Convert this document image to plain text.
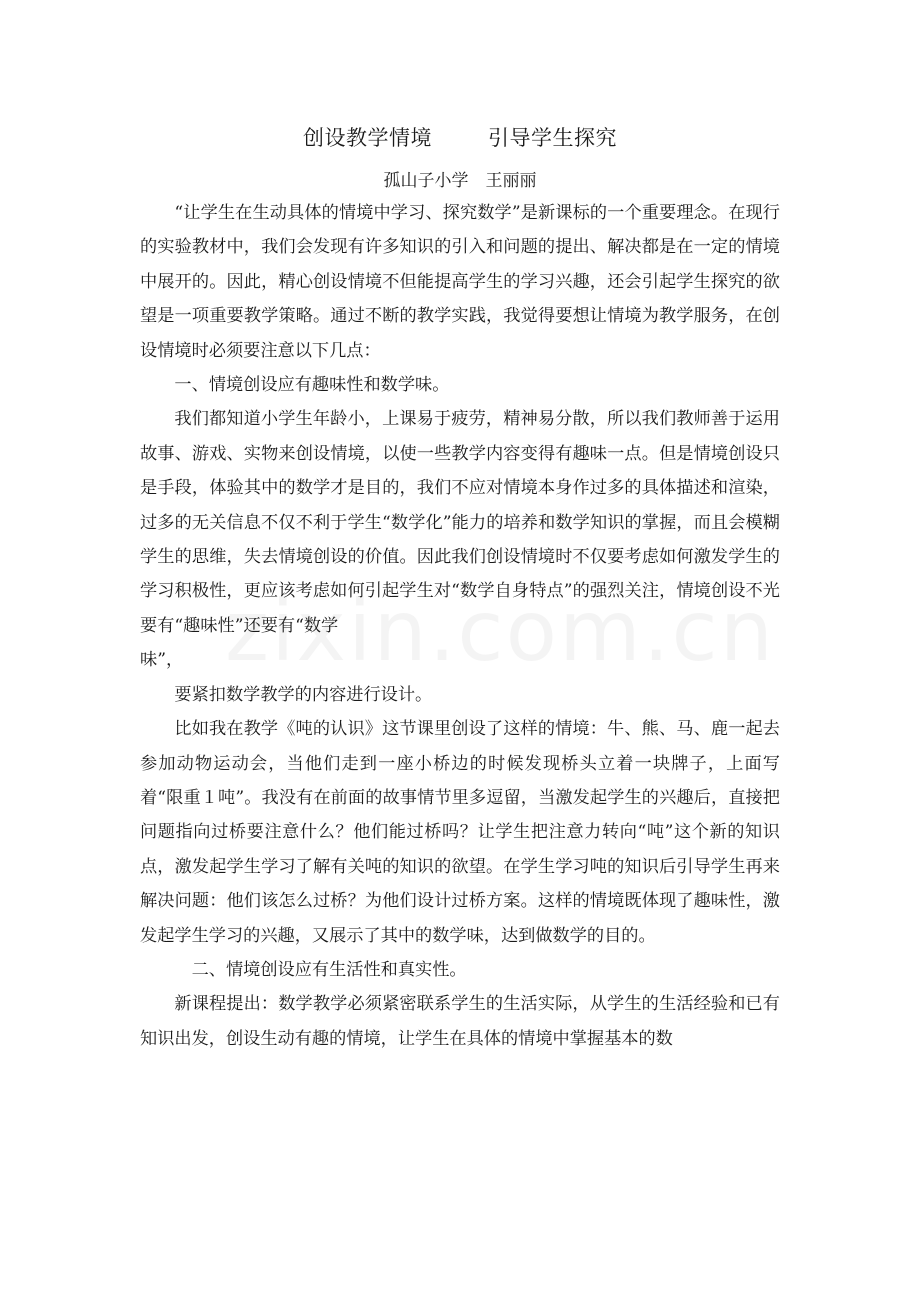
创设教学情境	引导学生探究
孤山子小学 王丽丽

“让学生在生动具体的情境中学习、探究数学”是新课标的一个重要理念。在现行的实验教材中，我们会发现有许多知识的引入和问题的提出、解决都是在一定的情境中展开的。因此，精心创设情境不但能提高学生的学习兴趣，还会引起学生探究的欲望是一项重要教学策略。通过不断的教学实践，我觉得要想让情境为教学服务，在创设情境时必须要注意以下几点：

一、情境创设应有趣味性和数学味。

我们都知道小学生年龄小，上课易于疲劳，精神易分散，所以我们教师善于运用故事、游戏、实物来创设情境，以使一些教学内容变得有趣味一点。但是情境创设只是手段，体验其中的数学才是目的，我们不应对情境本身作过多的具体描述和渲染，过多的无关信息不仅不利于学生“数学化”能力的培养和数学知识的掌握，而且会模糊学生的思维，失去情境创设的价值。因此我们创设情境时不仅要考虑如何激发学生的学习积极性，更应该考虑如何引起学生对“数学自身特点”的强烈关注，情境创设不光要有“趣味性”还要有“数学

味”，

要紧扣数学教学的内容进行设计。

比如我在教学《吨的认识》这节课里创设了这样的情境：牛、熊、马、鹿一起去参加动物运动会，当他们走到一座小桥边的时候发现桥头立着一块牌子，上面写着“限重１吨”。我没有在前面的故事情节里多逗留，当激发起学生的兴趣后，直接把问题指向过桥要注意什么？他们能过桥吗？让学生把注意力转向“吨”这个新的知识点，激发起学生学习了解有关吨的知识的欲望。在学生学习吨的知识后引导学生再来解决问题：他们该怎么过桥？为他们设计过桥方案。这样的情境既体现了趣味性，激发起学生学习的兴趣，又展示了其中的数学味，达到做数学的目的。

二、情境创设应有生活性和真实性。

新课程提出：数学教学必须紧密联系学生的生活实际，从学生的生活经验和已有知识出发，创设生动有趣的情境，让学生在具体的情境中掌握基本的数
